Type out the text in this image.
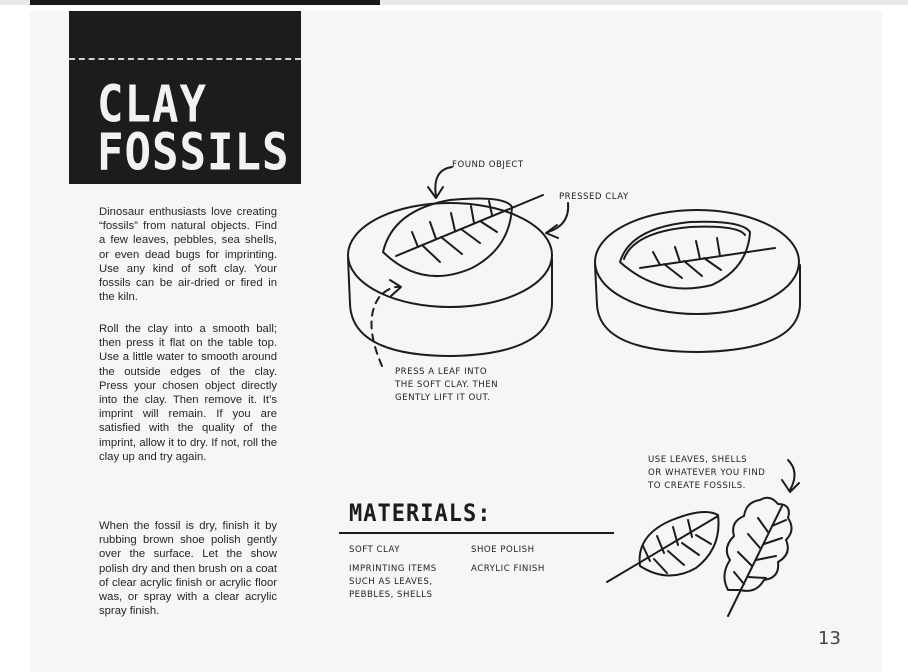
CLAY
FOSSILS

Dinosaur enthusiasts love creating “fossils” from natural objects. Find a few leaves, pebbles, sea shells, or even dead bugs for imprinting. Use any kind of soft clay. Your fossils can be air-dried or fired in the kiln.

Roll the clay into a smooth ball; then press it flat on the table top. Use a little water to smooth around the outside edges of the clay. Press your chosen object directly into the clay. Then remove it. It’s imprint will remain. If you are satisfied with the quality of the imprint, allow it to dry. If not, roll the clay up and try again.

When the fossil is dry, finish it by rubbing brown shoe polish gently over the surface. Let the show polish dry and then brush on a coat of clear acrylic finish or acrylic floor was, or spray with a clear acrylic spray finish.

FOUND OBJECT
PRESSED CLAY
PRESS A LEAF INTO
THE SOFT CLAY. THEN
GENTLY LIFT IT OUT.
USE LEAVES, SHELLS
OR WHATEVER YOU FIND
TO CREATE FOSSILS.
MATERIALS:
SOFT CLAY
IMPRINTING ITEMS
SUCH AS LEAVES,
PEBBLES, SHELLS
SHOE POLISH
ACRYLIC FINISH
13
